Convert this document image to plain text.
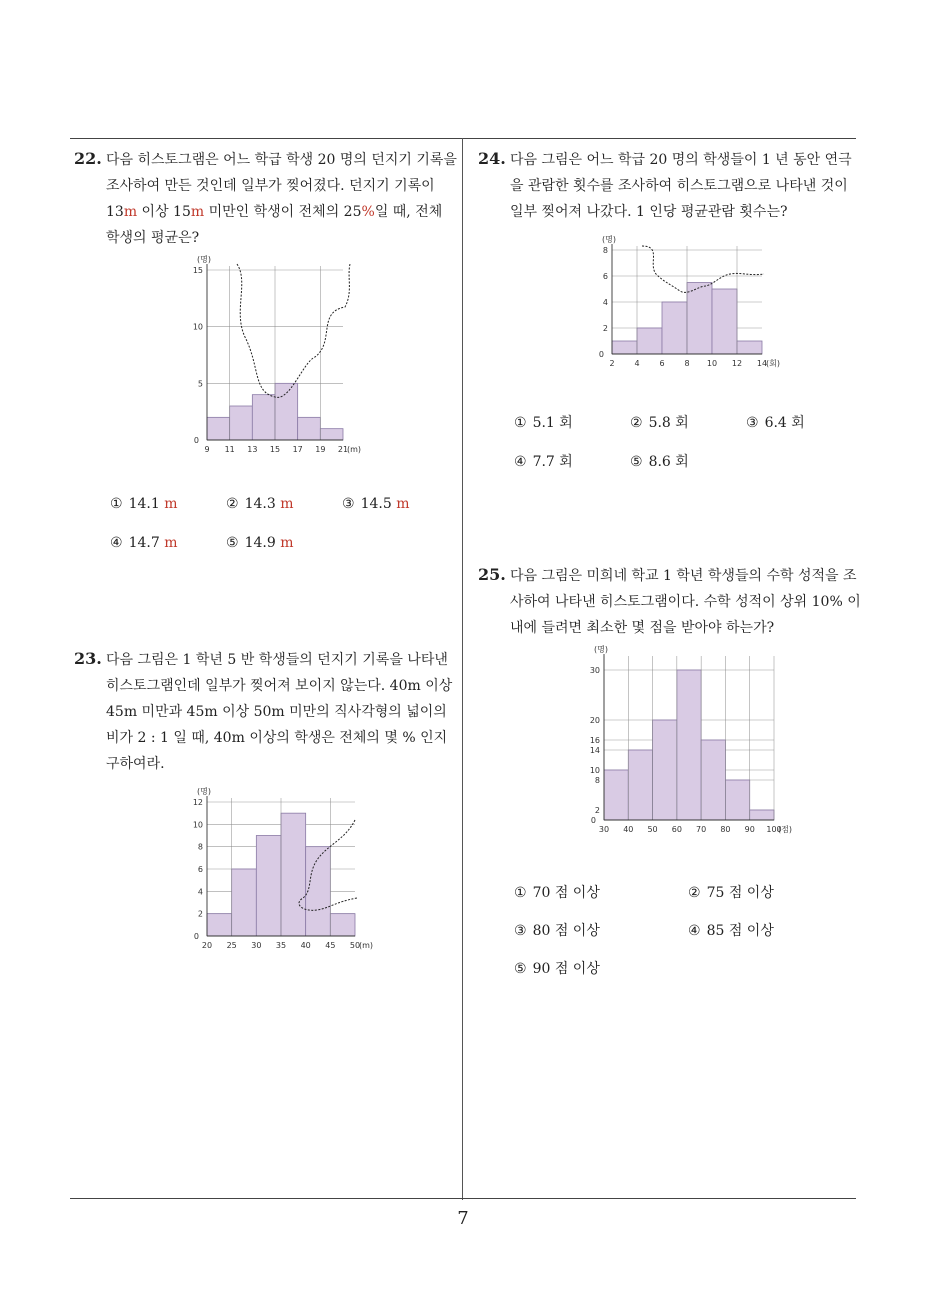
7
22. 다음 히스토그램은 어느 학급 학생 20 명의 던지기 기록을 조사하여 만든 것인데 일부가 찢어졌다. 던지기 기록이 13m 이상 15m 미만인 학생이 전체의 25%일 때, 전체 학생의 평균은?
15
10
5
0
9 11 13 15 17 19 21
(명)
(m)
① 14.1 m	② 14.3 m	③ 14.5 m
④ 14.7 m	⑤ 14.9 m
23. 다음 그림은 1 학년 5 반 학생들의 던지기 기록을 나타낸 히스토그램인데 일부가 찢어져 보이지 않는다. 40m 이상 45m 미만과 45m 이상 50m 미만의 직사각형의 넓이의 비가 2 : 1 일 때, 40m 이상의 학생은 전체의 몇 % 인지 구하여라.
12
10
8
6
4
2
0
20 25 30 35 40 45 50
(명)
(m)
24. 다음 그림은 어느 학급 20 명의 학생들이 1 년 동안 연극을 관람한 횟수를 조사하여 히스토그램으로 나타낸 것이 일부 찢어져 나갔다. 1 인당 평균관람 횟수는?
8
6
4
2
0
2 4 6 8 10 12 14
(명)
(회)
① 5.1 회	② 5.8 회	③ 6.4 회
④ 7.7 회	⑤ 8.6 회
25. 다음 그림은 미희네 학교 1 학년 학생들의 수학 성적을 조사하여 나타낸 히스토그램이다. 수학 성적이 상위 10% 이내에 들려면 최소한 몇 점을 받아야 하는가?
30
20
16
14
10
8
2
0
30 40 50 60 70 80 90 100
(명)
(점)
① 70 점 이상	② 75 점 이상
③ 80 점 이상	④ 85 점 이상
⑤ 90 점 이상
